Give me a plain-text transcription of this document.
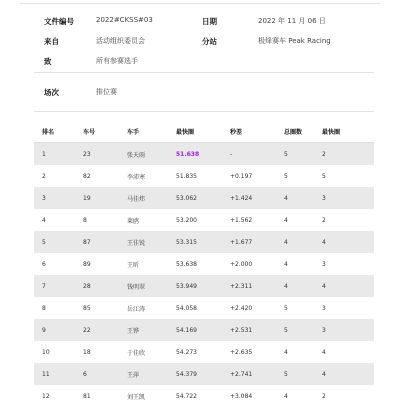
文件编号	2022#CKSS#03	日期	2022 年 11 月 06 日
来自	活动组织委员会	分站	极烽赛车 Peak Racing
致	所有参赛选手
场次	排位赛
排名	车号	车手	最快圈	秒差	总圈数	最快圈
1	23	张天雨	51.638	-	5	2
2	82	李沛寒	51.835	+0.197	5	5
3	19	马佳炜	53.062	+1.424	4	3
4	8	莱鸥	53.200	+1.562	4	2
5	87	王佳锐	53.315	+1.677	4	4
6	89	王昕	53.638	+2.000	4	3
7	28	钱明翠	53.949	+2.311	4	4
8	85	岳江涛	54.058	+2.420	5	3
9	22	王铧	54.169	+2.531	5	3
10	18	于佳欣	54.273	+2.635	4	4
11	6	王萍	54.379	+2.741	5	4
12	81	刘王凯	54.722	+3.084	4	2
